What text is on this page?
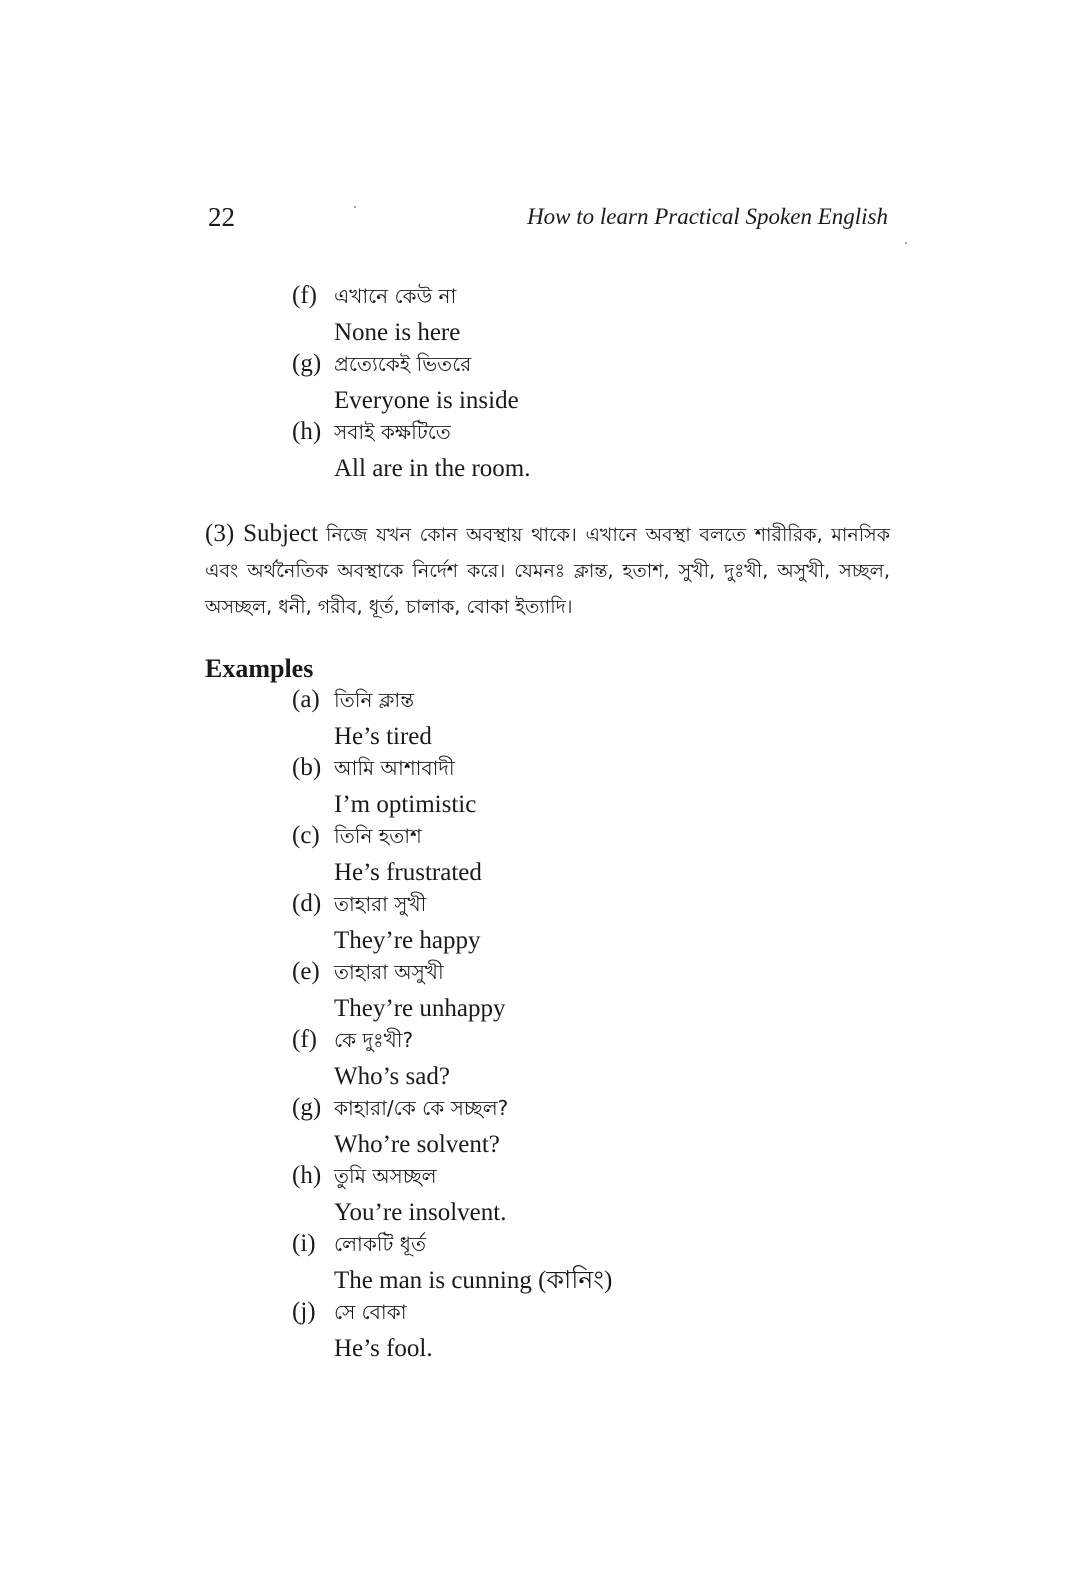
22	How to learn Practical Spoken English
(f) এখানে কেউ না
None is here
(g) প্রত্যেকেই ভিতরে
Everyone is inside
(h) সবাই কক্ষটিতে
All are in the room.
(3) Subject নিজে যখন কোন অবস্থায় থাকে। এখানে অবস্থা বলতে শারীরিক, মানসিক এবং অর্থনৈতিক অবস্থাকে নির্দেশ করে। যেমনঃ ক্লান্ত, হতাশ, সুখী, দুঃখী, অসুখী, সচ্ছল, অসচ্ছল, ধনী, গরীব, ধূর্ত, চালাক, বোকা ইত্যাদি।
Examples
(a) তিনি ক্লান্ত
He’s tired
(b) আমি আশাবাদী
I’m optimistic
(c) তিনি হতাশ
He’s frustrated
(d) তাহারা সুখী
They’re happy
(e) তাহারা অসুখী
They’re unhappy
(f) কে দুঃখী?
Who’s sad?
(g) কাহারা/কে কে সচ্ছল?
Who’re solvent?
(h) তুমি অসচ্ছল
You’re insolvent.
(i) লোকটি ধূর্ত
The man is cunning (কানিং)
(j) সে বোকা
He’s fool.
